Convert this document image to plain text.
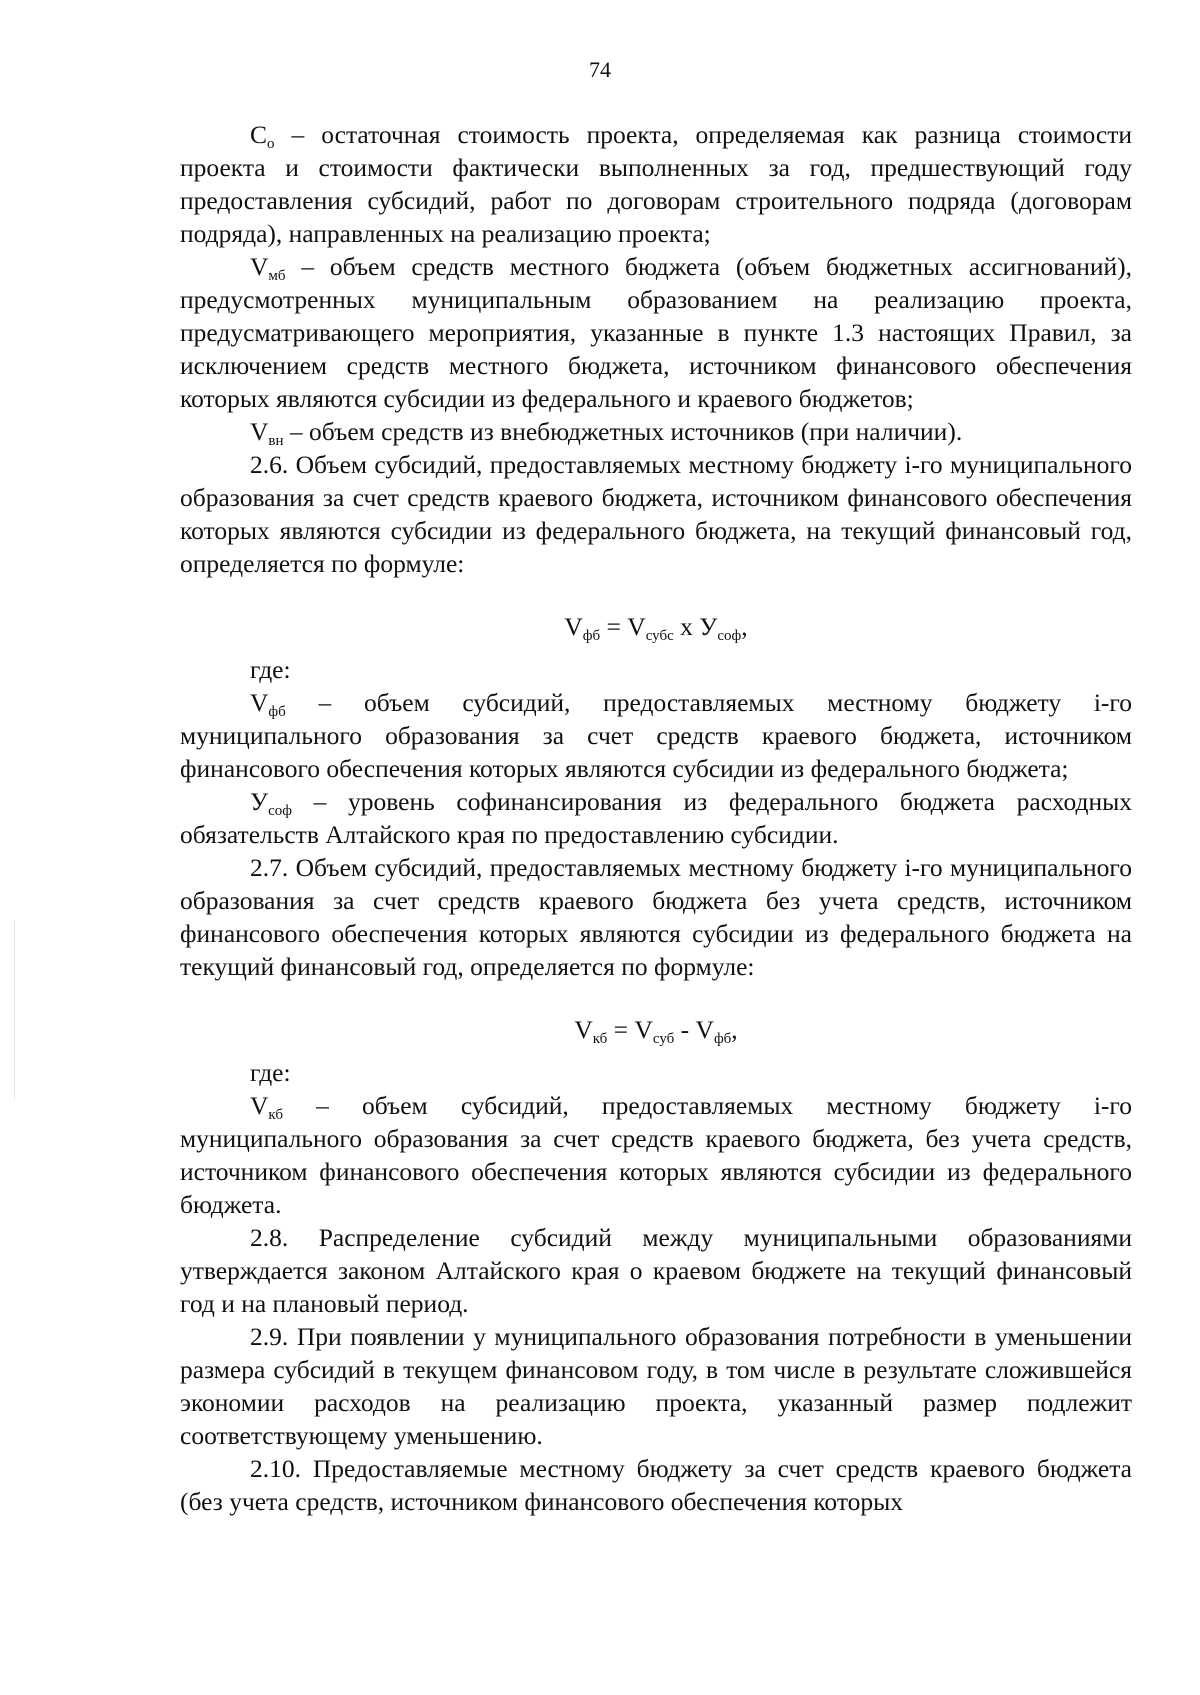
74

$С_о$ – остаточная стоимость проекта, определяемая как разница стоимости проекта и стоимости фактически выполненных за год, предшествующий году предоставления субсидий, работ по договорам строительного подряда (договорам подряда), направленных на реализацию проекта;

$V_{мб}$ – объем средств местного бюджета (объем бюджетных ассигнований), предусмотренных муниципальным образованием на реализацию проекта, предусматривающего мероприятия, указанные в пункте 1.3 настоящих Правил, за исключением средств местного бюджета, источником финансового обеспечения которых являются субсидии из федерального и краевого бюджетов;

$V_{вн}$ – объем средств из внебюджетных источников (при наличии).

2.6. Объем субсидий, предоставляемых местному бюджету і-го муниципального образования за счет средств краевого бюджета, источником финансового обеспечения которых являются субсидии из федерального бюджета, на текущий финансовый год, определяется по формуле:

$V_{фб} = V_{субс}$ х $У_{соф}$,

где:

$V_{фб}$ – объем субсидий, предоставляемых местному бюджету і-го муниципального образования за счет средств краевого бюджета, источником финансового обеспечения которых являются субсидии из федерального бюджета;

$У_{соф}$ – уровень софинансирования из федерального бюджета расходных обязательств Алтайского края по предоставлению субсидии.

2.7. Объем субсидий, предоставляемых местному бюджету і-го муниципального образования за счет средств краевого бюджета без учета средств, источником финансового обеспечения которых являются субсидии из федерального бюджета на текущий финансовый год, определяется по формуле:

$V_{кб} = V_{суб} - V_{фб}$,

где:

$V_{кб}$ – объем субсидий, предоставляемых местному бюджету і-го муниципального образования за счет средств краевого бюджета, без учета средств, источником финансового обеспечения которых являются субсидии из федерального бюджета.

2.8. Распределение субсидий между муниципальными образованиями утверждается законом Алтайского края о краевом бюджете на текущий финансовый год и на плановый период.

2.9. При появлении у муниципального образования потребности в уменьшении размера субсидий в текущем финансовом году, в том числе в результате сложившейся экономии расходов на реализацию проекта, указанный размер подлежит соответствующему уменьшению.

2.10. Предоставляемые местному бюджету за счет средств краевого бюджета (без учета средств, источником финансового обеспечения которых
